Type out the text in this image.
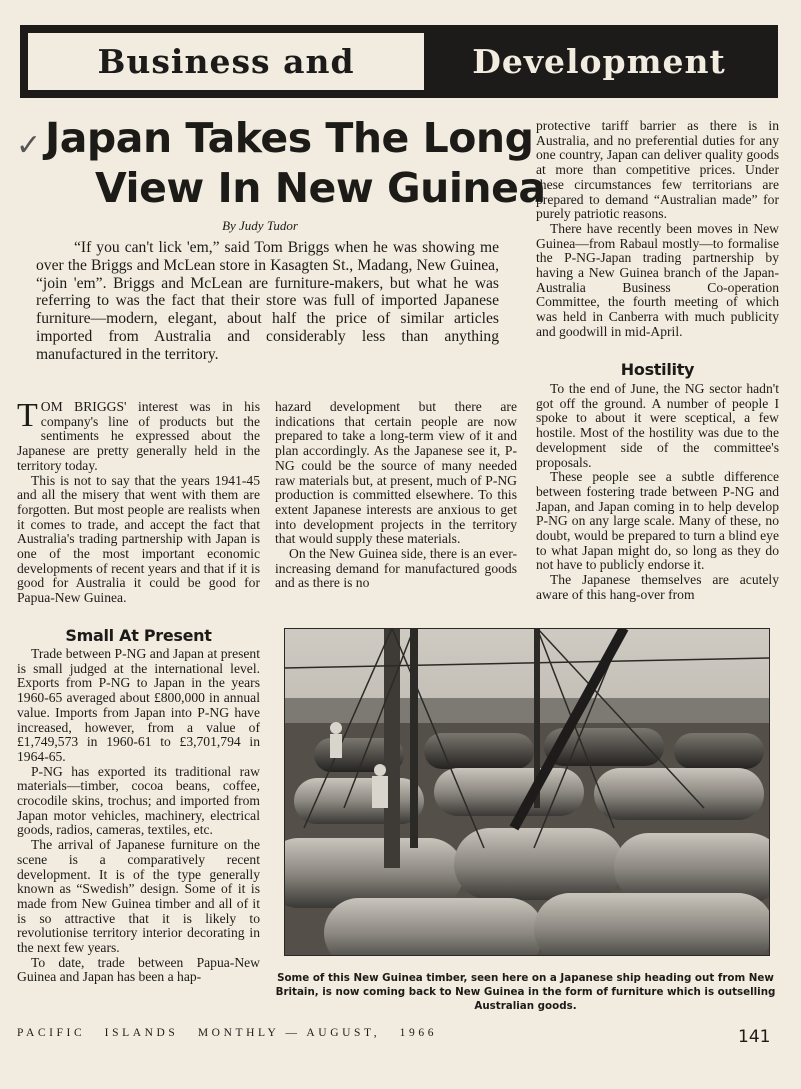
Business and	Development
✓ Japan Takes The Long
View In New Guinea
By Judy Tudor

“If you can't lick 'em,” said Tom Briggs when he was showing me over the Briggs and McLean store in Kasagten St., Madang, New Guinea, “join 'em”. Briggs and McLean are furniture-makers, but what he was referring to was the fact that their store was full of imported Japanese furniture—modern, elegant, about half the price of similar articles imported from Australia and considerably less than anything manufactured in the territory.

TOM BRIGGS' interest was in his company's line of products but the sentiments he expressed about the Japanese are pretty generally held in the territory today.

This is not to say that the years 1941-45 and all the misery that went with them are forgotten. But most people are realists when it comes to trade, and accept the fact that Australia's trading partnership with Japan is one of the most important economic developments of recent years and that if it is good for Australia it could be good for Papua-New Guinea.

Small At Present

Trade between P-NG and Japan at present is small judged at the international level. Exports from P-NG to Japan in the years 1960-65 averaged about £800,000 in annual value. Imports from Japan into P-NG have increased, however, from a value of £1,749,573 in 1960-61 to £3,701,794 in 1964-65.

P-NG has exported its traditional raw materials—timber, cocoa beans, coffee, crocodile skins, trochus; and imported from Japan motor vehicles, machinery, electrical goods, radios, cameras, textiles, etc.

The arrival of Japanese furniture on the scene is a comparatively recent development. It is of the type generally known as “Swedish” design. Some of it is made from New Guinea timber and all of it is so attractive that it is likely to revolutionise territory interior decorating in the next few years.

To date, trade between Papua-New Guinea and Japan has been a hap-

hazard development but there are indications that certain people are now prepared to take a long-term view of it and plan accordingly. As the Japanese see it, P-NG could be the source of many needed raw materials but, at present, much of P-NG production is committed elsewhere. To this extent Japanese interests are anxious to get into development projects in the territory that would supply these materials.

On the New Guinea side, there is an ever-increasing demand for manufactured goods and as there is no

protective tariff barrier as there is in Australia, and no preferential duties for any one country, Japan can deliver quality goods at more than competitive prices. Under these circumstances few territorians are prepared to demand “Australian made” for purely patriotic reasons.

There have recently been moves in New Guinea—from Rabaul mostly—to formalise the P-NG-Japan trading partnership by having a New Guinea branch of the Japan-Australia Business Co-operation Committee, the fourth meeting of which was held in Canberra with much publicity and goodwill in mid-April.

Hostility

To the end of June, the NG sector hadn't got off the ground. A number of people I spoke to about it were sceptical, a few hostile. Most of the hostility was due to the development side of the committee's proposals.

These people see a subtle difference between fostering trade between P-NG and Japan, and Japan coming in to help develop P-NG on any large scale. Many of these, no doubt, would be prepared to turn a blind eye to what Japan might do, so long as they do not have to publicly endorse it.

The Japanese themselves are acutely aware of this hang-over from

Some of this New Guinea timber, seen here on a Japanese ship heading out from New Britain, is now coming back to New Guinea in the form of furniture which is outselling Australian goods.
PACIFIC   ISLANDS   MONTHLY — AUGUST,   1966	141
